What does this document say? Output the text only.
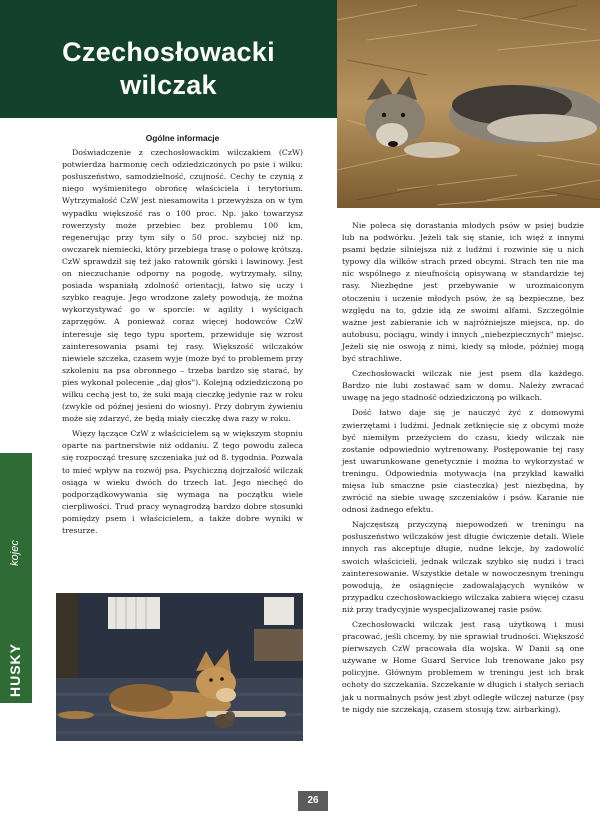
Czechosłowacki
wilczak
kojec
HUSKY

Ogólne informacje

Doświadczenie z czechosłowackim wilczakiem (CzW) potwierdza harmonię cech odziedziczonych po psie i wilku: posłuszeństwo, samodzielność, czujność. Cechy te czynią z niego wyśmienitego obrońcę właściciela i terytorium. Wytrzymałość CzW jest niesamowita i przewyższa on w tym wypadku większość ras o 100 proc. Np. jako towarzysz rowerzysty może przebiec bez problemu 100 km, regenerując przy tym siły o 50 proc. szybciej niż np. owczarek niemiecki, który przebiega trasę o połowę krótszą. CzW sprawdził się też jako ratownik górski i lawinowy. Jest on nieczuchanie odporny na pogodę, wytrzymały, silny, posiada wspaniałą zdolność orientacji, łatwo się uczy i szybko reaguje. Jego wrodzone zalety powodują, że można wykorzystywać go w sporcie: w agility i wyścigach zaprzęgów. A ponieważ coraz więcej hodowców CzW interesuje się tego typu sportem, przewiduje się wzrost zainteresowania psami tej rasy. Większość wilczaków niewiele szczeka, czasem wyje (może być to problemem przy szkoleniu na psa obronnego – trzeba bardzo się starać, by pies wykonał polecenie „daj głos"). Kolejną odziedziczoną po wilku cechą jest to, że suki mają cieczkę jedynie raz w roku (zwykle od późnej jesieni do wiosny). Przy dobrym żywieniu może się zdarzyć, że będą miały cieczkę dwa razy w roku.

Więzy łączące CzW z właścicielem są w większym stopniu oparte na partnerstwie niż oddaniu. Z tego powodu zaleca się rozpocząć tresurę szczeniaka już od 8. tygodnia. Pozwala to mieć wpływ na rozwój psa. Psychiczną dojrzałość wilczak osiąga w wieku dwóch do trzech lat. Jego niechęć do podporządkowywania się wymaga na początku wiele cierpliwości. Trud pracy wynagrodzą bardzo dobre stosunki pomiędzy psem i właścicielem, a także dobre wyniki w tresurze.

Nie poleca się dorastania młodych psów w psiej budzie lub na podwórku. Jeżeli tak się stanie, ich więź z innymi psami będzie silniejsza niż z ludźmi i rozwinie się u nich typowy dla wilków strach przed obcymi. Strach ten nie ma nic wspólnego z nieufnością opisywaną w standardzie tej rasy. Niezbędne jest przebywanie w urozmaiconym otoczeniu i uczenie młodych psów, że są bezpieczne, bez względu na to, gdzie idą ze swoimi alfami. Szczególnie ważne jest zabieranie ich w najróżniejsze miejsca, np. do autobusu, pociągu, windy i innych „niebezpiecznych" miejsc. Jeżeli się nie oswoją z nimi, kiedy są młode, później mogą być strachliwe.

Czechosłowacki wilczak nie jest psem dla każdego. Bardzo nie lubi zostawać sam w domu. Należy zwracać uwagę na jego stadność odziedziczoną po wilkach.

Dość łatwo daje się je nauczyć żyć z domowymi zwierzętami i ludźmi. Jednak zetknięcie się z obcymi może być niemiłym przeżyciem do czasu, kiedy wilczak nie zostanie odpowiednio wytrenowany. Postępowanie tej rasy jest uwarunkowane genetycznie i można to wykorzystać w treningu. Odpowiednia motywacja (na przykład kawałki mięsa lub smaczne psie ciasteczka) jest niezbędna, by zwrócić na siebie uwagę szczeniaków i psów. Karanie nie odnosi żadnego efektu.

Najczęstszą przyczyną niepowodzeń w treningu na posłuszeństwo wilczaków jest długie ćwiczenie detali. Wiele innych ras akceptuje długie, nudne lekcje, by zadowolić swoich właścicieli, jednak wilczak szybko się nudzi i traci zainteresowanie. Wszystkie detale w nowoczesnym treningu powodują, że osiągnięcie zadowalających wyników w przypadku czechosłowackiego wilczaka zabiera więcej czasu niż przy tradycyjnie wyspecjalizowanej rasie psów.

Czechosłowacki wilczak jest rasą użytkową i musi pracować, jeśli chcemy, by nie sprawiał trudności. Większość pierwszych CzW pracowała dla wojska. W Danii są one używane w Home Guard Service lub trenowane jako psy policyjne. Głównym problemem w treningu jest ich brak ochoty do szczekania. Szczekanie w długich i stałych seriach jak u normalnych psów jest zbyt odległe wilczej naturze (psy te nigdy nie szczekają, czasem stosują tzw. airbarking).

26
